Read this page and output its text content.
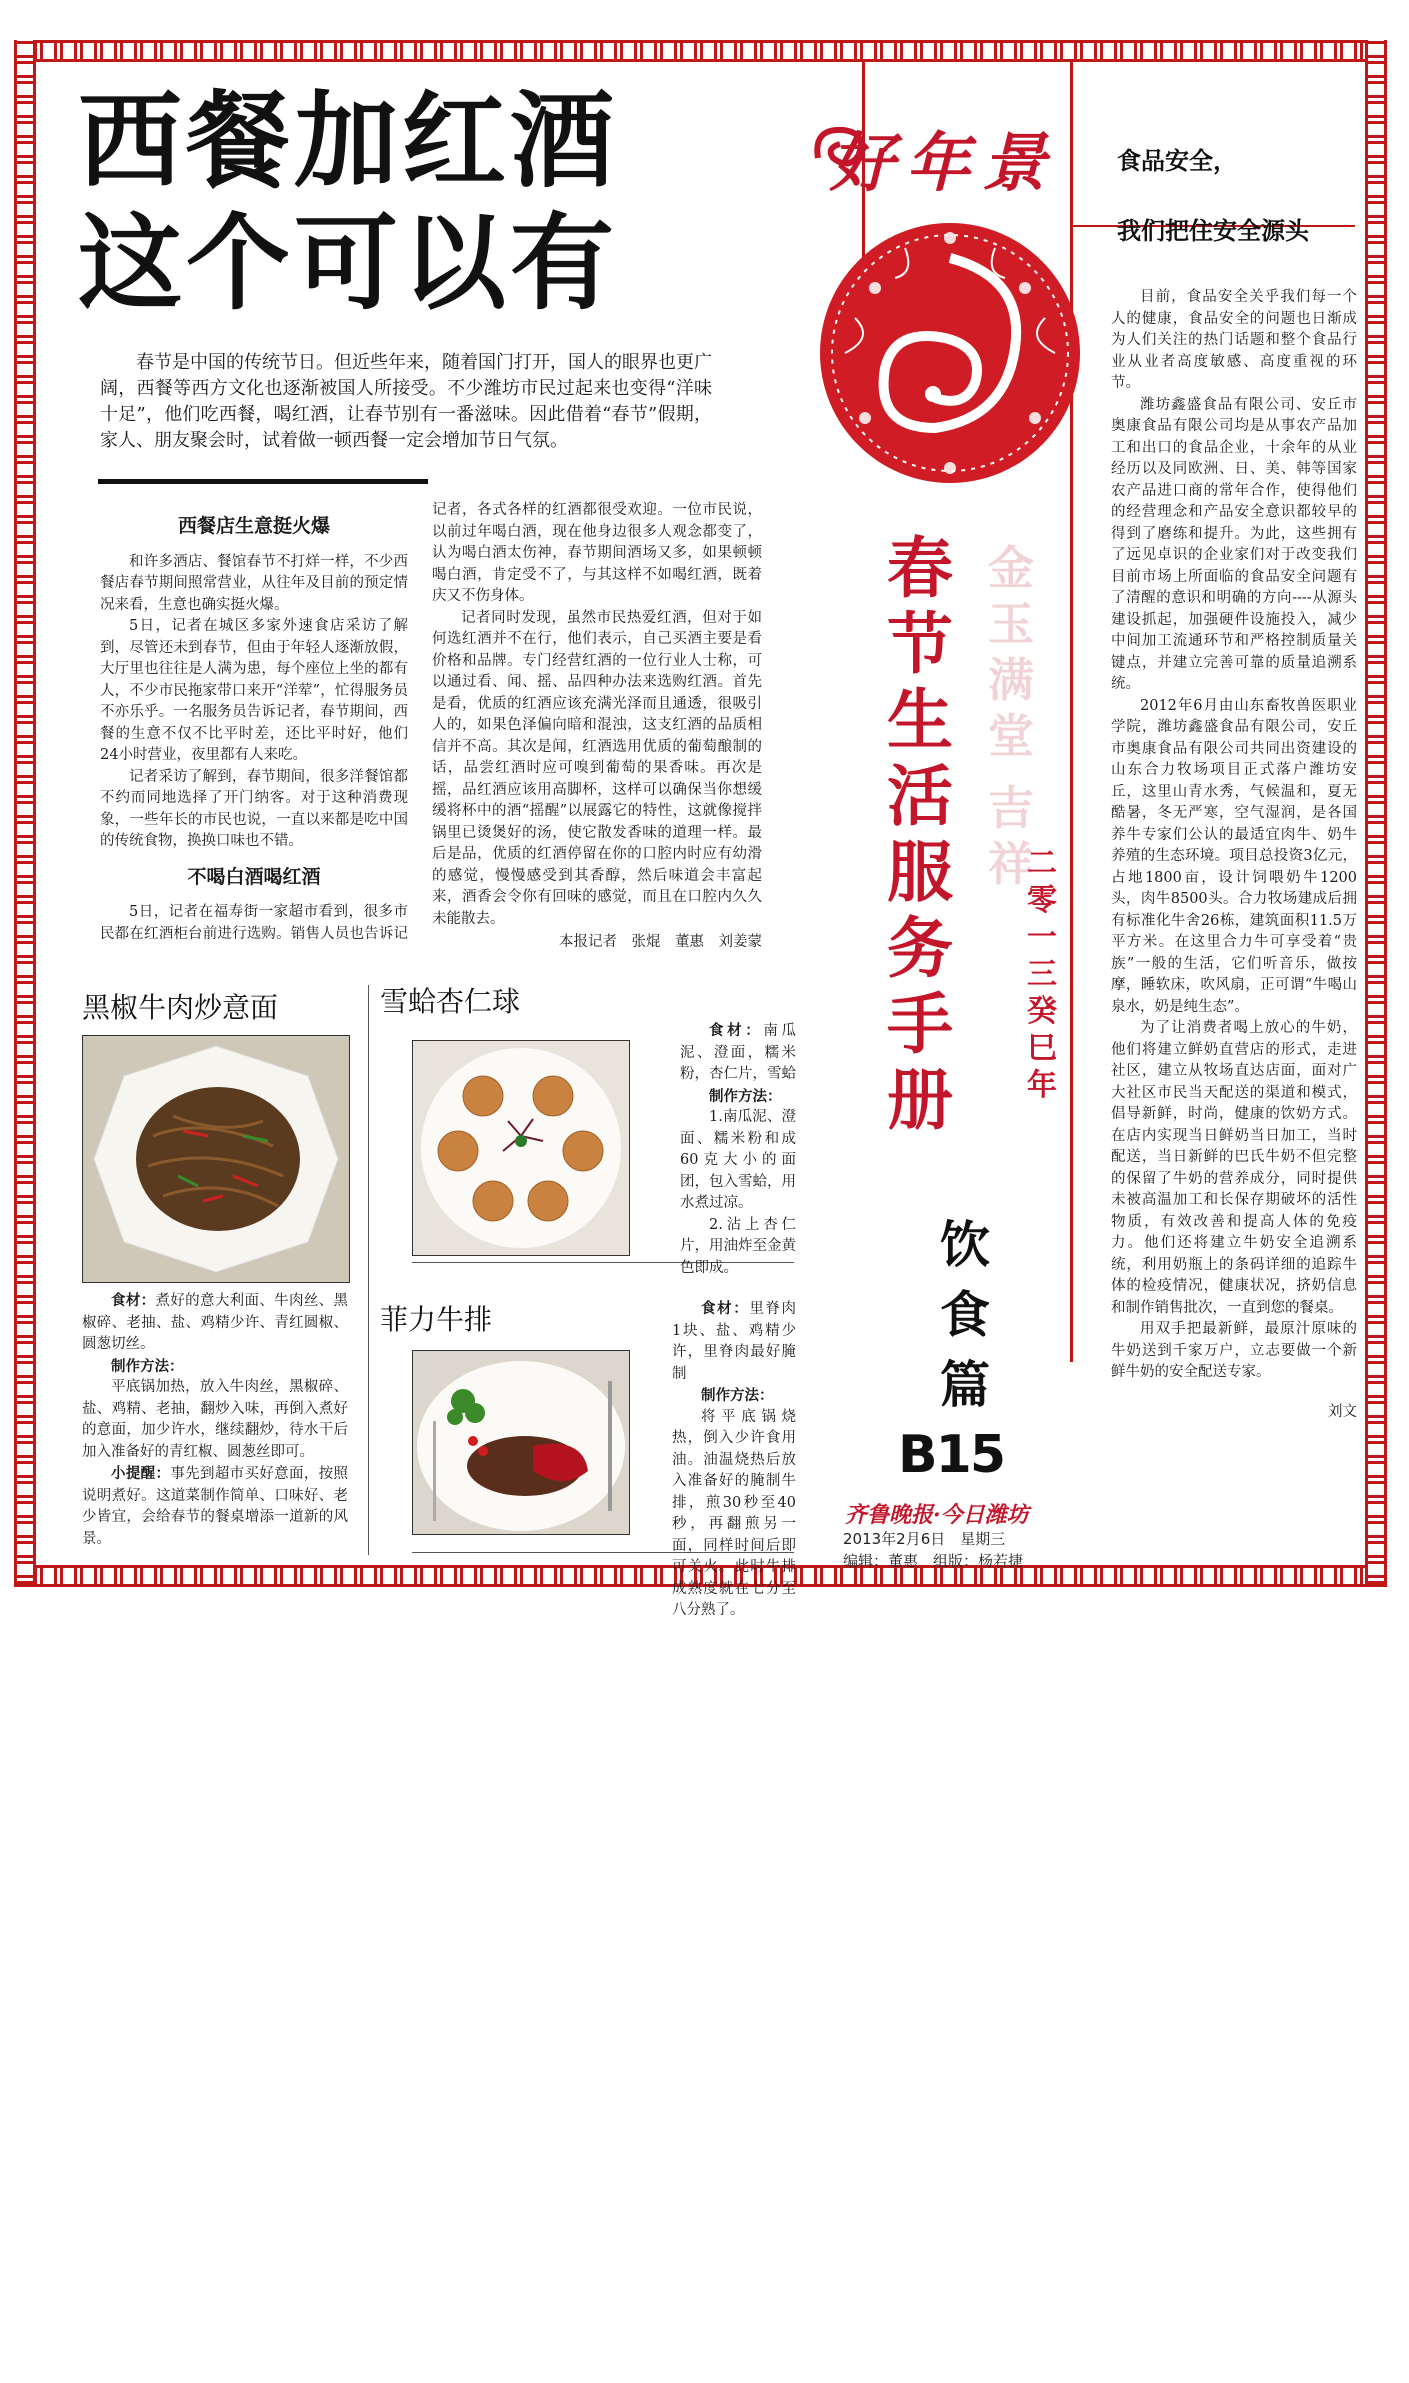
西餐加红酒
这个可以有
春节是中国的传统节日。但近些年来，随着国门打开，国人的眼界也更广阔，西餐等西方文化也逐渐被国人所接受。不少潍坊市民过起来也变得“洋味十足”，他们吃西餐，喝红酒，让春节别有一番滋味。因此借着“春节”假期，家人、朋友聚会时，试着做一顿西餐一定会增加节日气氛。

西餐店生意挺火爆

和许多酒店、餐馆春节不打烊一样，不少西餐店春节期间照常营业，从往年及目前的预定情况来看，生意也确实挺火爆。

5日，记者在城区多家外速食店采访了解到，尽管还未到春节，但由于年轻人逐渐放假，大厅里也往往是人满为患，每个座位上坐的都有人，不少市民拖家带口来开“洋荤”，忙得服务员不亦乐乎。一名服务员告诉记者，春节期间，西餐的生意不仅不比平时差，还比平时好，他们24小时营业，夜里都有人来吃。

记者采访了解到，春节期间，很多洋餐馆都不约而同地选择了开门纳客。对于这种消费现象，一些年长的市民也说，一直以来都是吃中国的传统食物，换换口味也不错。

不喝白酒喝红酒

5日，记者在福寿街一家超市看到，很多市民都在红酒柜台前进行选购。销售人员也告诉记

记者，各式各样的红酒都很受欢迎。一位市民说，以前过年喝白酒，现在他身边很多人观念都变了，认为喝白酒太伤神，春节期间酒场又多，如果顿顿喝白酒，肯定受不了，与其这样不如喝红酒，既着庆又不伤身体。

记者同时发现，虽然市民热爱红酒，但对于如何选红酒并不在行，他们表示，自己买酒主要是看价格和品牌。专门经营红酒的一位行业人士称，可以通过看、闻、摇、品四种办法来选购红酒。首先是看，优质的红酒应该充满光泽而且通透，很吸引人的，如果色泽偏向暗和混浊，这支红酒的品质相信并不高。其次是闻，红酒选用优质的葡萄酿制的话，品尝红酒时应可嗅到葡萄的果香味。再次是摇，品红酒应该用高脚杯，这样可以确保当你想缓缓将杯中的酒“摇醒”以展露它的特性，这就像搅拌锅里已烫煲好的汤，使它散发香味的道理一样。最后是品，优质的红酒停留在你的口腔内时应有幼滑的感觉，慢慢感受到其香醇，然后味道会丰富起来，酒香会令你有回味的感觉，而且在口腔内久久未能散去。

本报记者　张焜　董惠　刘姜蒙

黑椒牛肉炒意面

食材：煮好的意大利面、牛肉丝、黑椒碎、老抽、盐、鸡精少许、青红圆椒、圆葱切丝。

制作方法：

平底锅加热，放入牛肉丝，黑椒碎、盐、鸡精、老抽，翻炒入味，再倒入煮好的意面，加少许水，继续翻炒，待水干后加入准备好的青红椒、圆葱丝即可。

小提醒：事先到超市买好意面，按照说明煮好。这道菜制作简单、口味好、老少皆宜，会给春节的餐桌增添一道新的风景。

雪蛤杏仁球

食材：南瓜泥、澄面，糯米粉，杏仁片，雪蛤

制作方法：

1.南瓜泥、澄面、糯米粉和成60克大小的面团，包入雪蛤，用水煮过凉。

2.沾上杏仁片，用油炸至金黄色即成。

菲力牛排	食材：里脊肉1块、盐、鸡精少许，里脊肉最好腌制

制作方法：

将平底锅烧热，倒入少许食用油。油温烧热后放入准备好的腌制牛排，煎30秒至40秒，再翻煎另一面，同样时间后即可关火。此时牛排成熟度就在七分至八分熟了。

好年景
金玉满堂
吉祥
春节生活服务手册
二零一三癸巳年
饮食篇
B15
齐鲁晚报·今日潍坊
2013年2月6日　星期三
编辑：董惠　组版：杨若捷
食品安全，
我们把住安全源头

目前，食品安全关乎我们每一个人的健康，食品安全的问题也日渐成为人们关注的热门话题和整个食品行业从业者高度敏感、高度重视的环节。

潍坊鑫盛食品有限公司、安丘市奥康食品有限公司均是从事农产品加工和出口的食品企业，十余年的从业经历以及同欧洲、日、美、韩等国家农产品进口商的常年合作，使得他们的经营理念和产品安全意识都较早的得到了磨练和提升。为此，这些拥有了远见卓识的企业家们对于改变我们目前市场上所面临的食品安全问题有了清醒的意识和明确的方向----从源头建设抓起，加强硬件设施投入，减少中间加工流通环节和严格控制质量关键点，并建立完善可靠的质量追溯系统。

2012年6月由山东畜牧兽医职业学院，潍坊鑫盛食品有限公司，安丘市奥康食品有限公司共同出资建设的山东合力牧场项目正式落户潍坊安丘，这里山青水秀，气候温和，夏无酷暑，冬无严寒，空气湿润，是各国养牛专家们公认的最适宜肉牛、奶牛养殖的生态环境。项目总投资3亿元，占地1800亩，设计饲喂奶牛1200头，肉牛8500头。合力牧场建成后拥有标准化牛舍26栋，建筑面积11.5万平方米。在这里合力牛可享受着“贵族”一般的生活，它们听音乐，做按摩，睡软床，吹风扇，正可谓“牛喝山泉水，奶是纯生态”。

为了让消费者喝上放心的牛奶，他们将建立鲜奶直营店的形式，走进社区，建立从牧场直达店面，面对广大社区市民当天配送的渠道和模式，倡导新鲜，时尚，健康的饮奶方式。在店内实现当日鲜奶当日加工，当时配送，当日新鲜的巴氏牛奶不但完整的保留了牛奶的营养成分，同时提供未被高温加工和长保存期破坏的活性物质，有效改善和提高人体的免疫力。他们还将建立牛奶安全追溯系统，利用奶瓶上的条码详细的追踪牛体的检疫情况，健康状况，挤奶信息和制作销售批次，一直到您的餐桌。

用双手把最新鲜，最原汁原味的牛奶送到千家万户，立志要做一个新鲜牛奶的安全配送专家。

刘文
